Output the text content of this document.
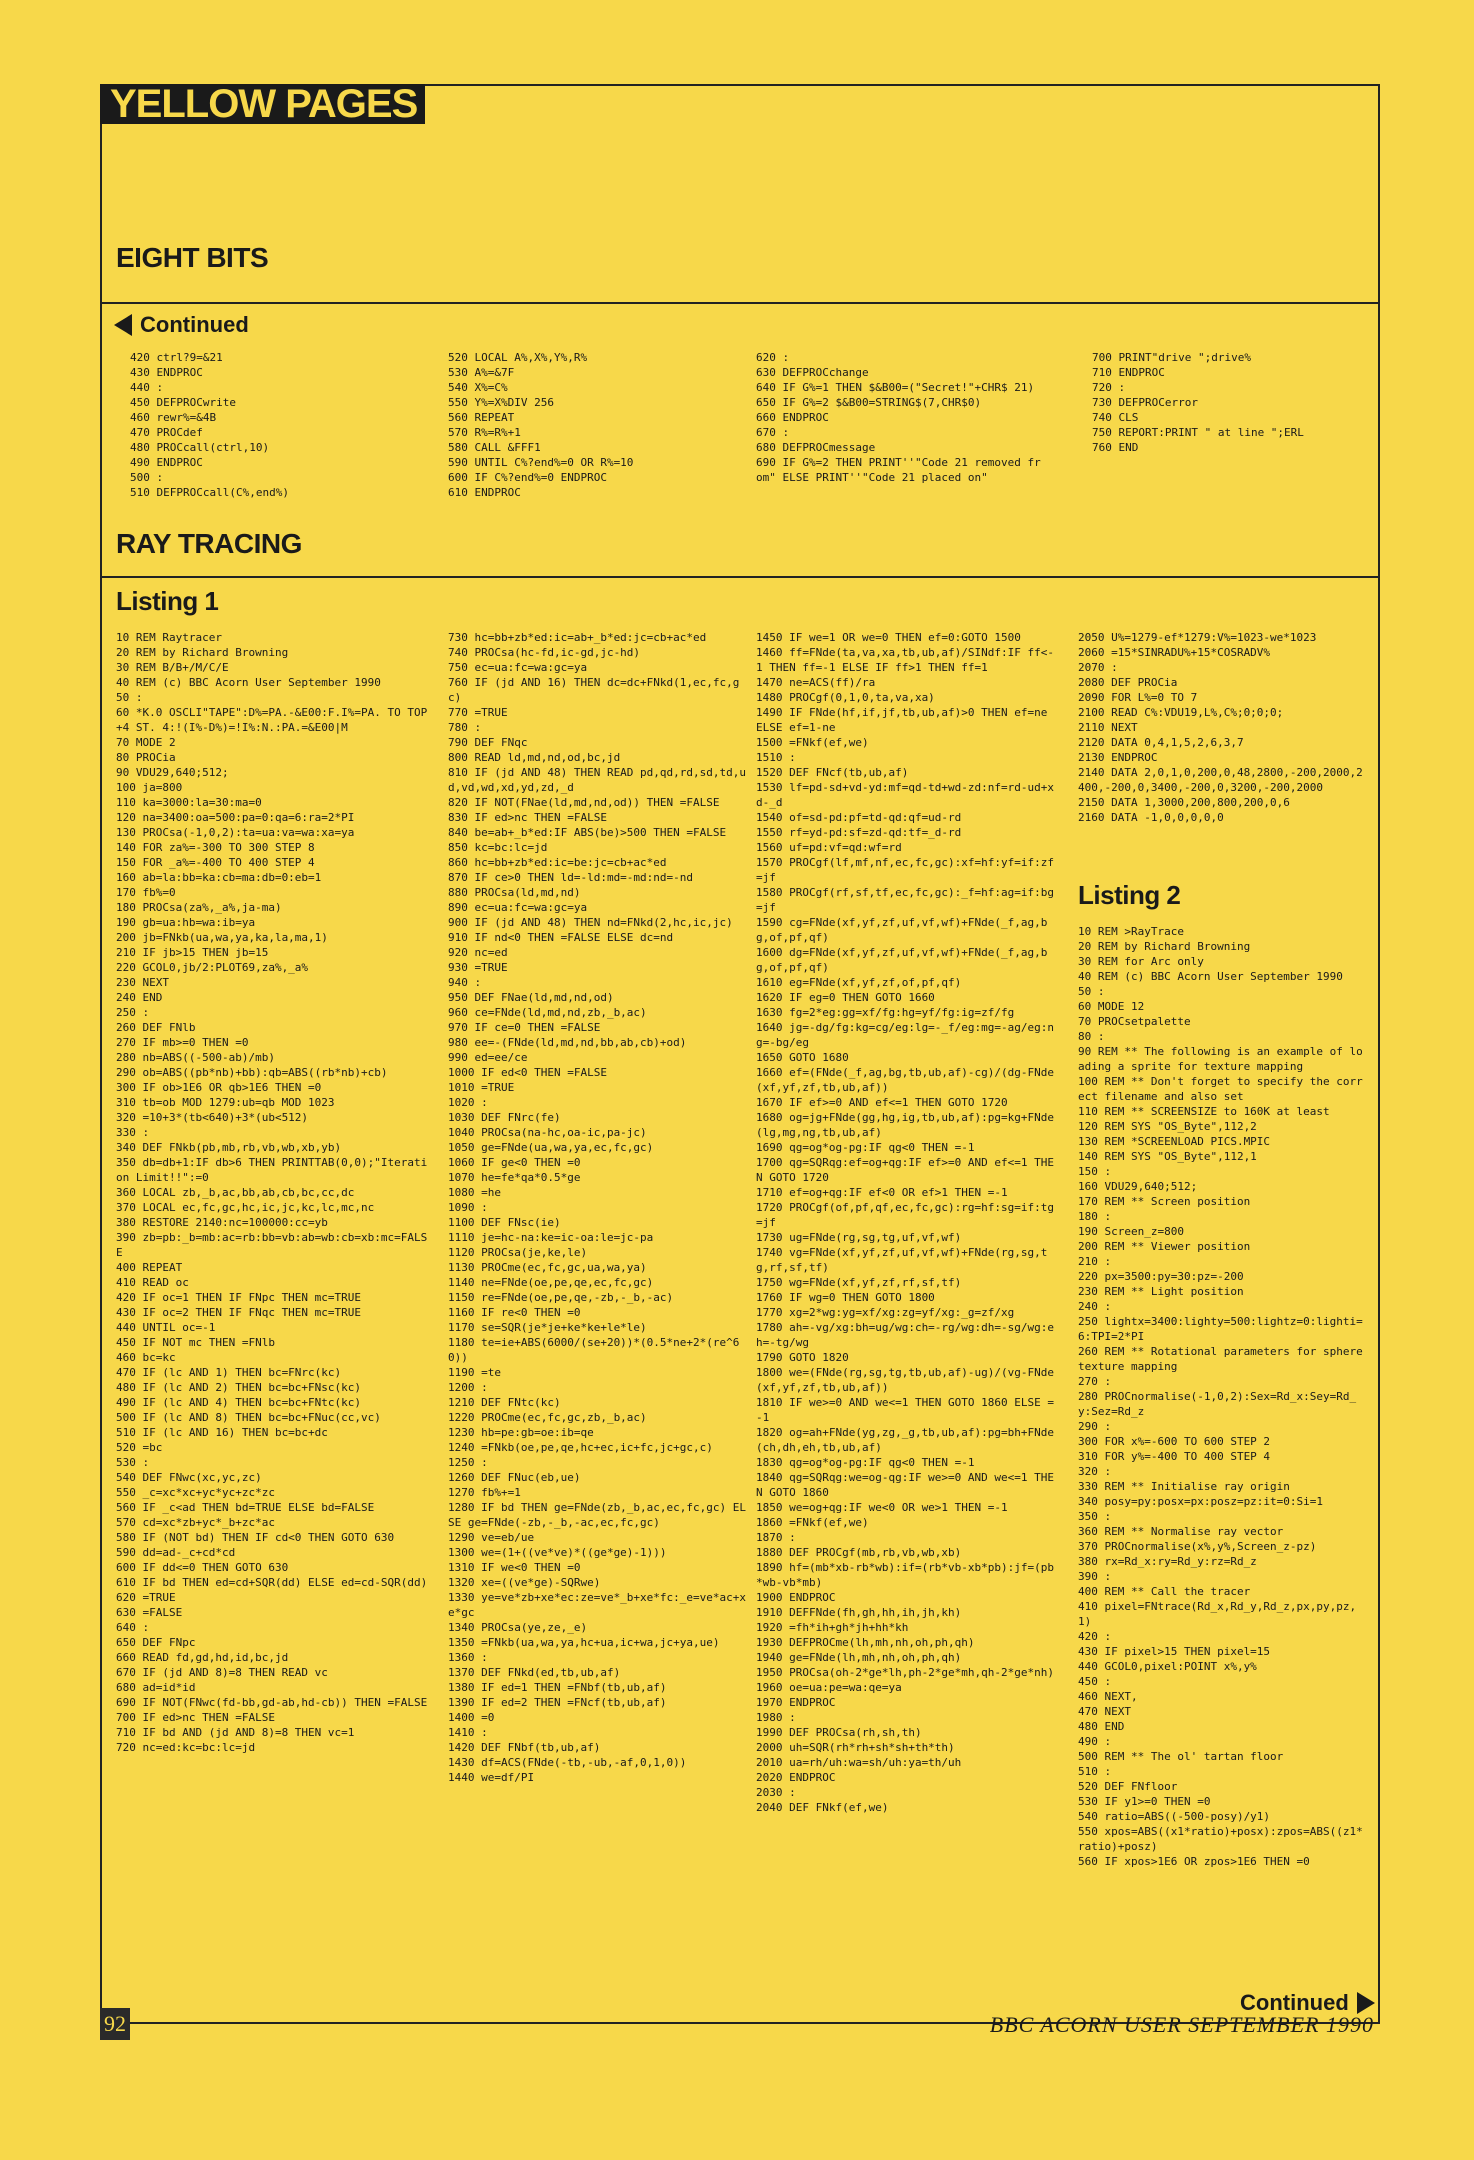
YELLOW PAGES
EIGHT BITS
Continued
420 ctrl?9=&21
430 ENDPROC
440 :
450 DEFPROCwrite
460 rewr%=&4B
470 PROCdef
480 PROCcall(ctrl,10)
490 ENDPROC
500 :
510 DEFPROCcall(C%,end%)
520 LOCAL A%,X%,Y%,R%
530 A%=&7F
540 X%=C%
550 Y%=X%DIV 256
560 REPEAT
570 R%=R%+1
580 CALL &FFF1
590 UNTIL C%?end%=0 OR R%=10
600 IF C%?end%=0 ENDPROC
610 ENDPROC
620 :
630 DEFPROCchange
640 IF G%=1 THEN $&B00=("Secret!"+CHR$ 21)
650 IF G%=2 $&B00=STRING$(7,CHR$0)
660 ENDPROC
670 :
680 DEFPROCmessage
690 IF G%=2 THEN PRINT''"Code 21 removed from" ELSE PRINT''"Code 21 placed on"
700 PRINT"drive ";drive%
710 ENDPROC
720 :
730 DEFPROCerror
740 CLS
750 REPORT:PRINT " at line ";ERL
760 END
RAY TRACING
Listing 1
10 REM Raytracer
20 REM by Richard Browning
30 REM B/B+/M/C/E
40 REM (c) BBC Acorn User September 1990
50 :
60 *K.0 OSCLI"TAPE":D%=PA.-&E00:F.I%=PA. TO TOP+4 ST. 4:!(I%-D%)=!I%:N.:PA.=&E00|M
70 MODE 2
80 PROCia
90 VDU29,640;512;
100 ja=800
110 ka=3000:la=30:ma=0
120 na=3400:oa=500:pa=0:qa=6:ra=2*PI
130 PROCsa(-1,0,2):ta=ua:va=wa:xa=ya
140 FOR za%=-300 TO 300 STEP 8
150 FOR _a%=-400 TO 400 STEP 4
160 ab=la:bb=ka:cb=ma:db=0:eb=1
170 fb%=0
180 PROCsa(za%,_a%,ja-ma)
190 gb=ua:hb=wa:ib=ya
200 jb=FNkb(ua,wa,ya,ka,la,ma,1)
210 IF jb>15 THEN jb=15
220 GCOL0,jb/2:PLOT69,za%,_a%
230 NEXT
240 END
250 :
260 DEF FNlb
270 IF mb>=0 THEN =0
280 nb=ABS((-500-ab)/mb)
290 ob=ABS((pb*nb)+bb):qb=ABS((rb*nb)+cb)
300 IF ob>1E6 OR qb>1E6 THEN =0
310 tb=ob MOD 1279:ub=qb MOD 1023
320 =10+3*(tb<640)+3*(ub<512)
330 :
340 DEF FNkb(pb,mb,rb,vb,wb,xb,yb)
350 db=db+1:IF db>6 THEN PRINTTAB(0,0);"Iteration Limit!!":=0
360 LOCAL zb,_b,ac,bb,ab,cb,bc,cc,dc
370 LOCAL ec,fc,gc,hc,ic,jc,kc,lc,mc,nc
380 RESTORE 2140:nc=100000:cc=yb
390 zb=pb:_b=mb:ac=rb:bb=vb:ab=wb:cb=xb:mc=FALSE
400 REPEAT
410 READ oc
420 IF oc=1 THEN IF FNpc THEN mc=TRUE
430 IF oc=2 THEN IF FNqc THEN mc=TRUE
440 UNTIL oc=-1
450 IF NOT mc THEN =FNlb
460 bc=kc
470 IF (lc AND 1) THEN bc=FNrc(kc)
480 IF (lc AND 2) THEN bc=bc+FNsc(kc)
490 IF (lc AND 4) THEN bc=bc+FNtc(kc)
500 IF (lc AND 8) THEN bc=bc+FNuc(cc,vc)
510 IF (lc AND 16) THEN bc=bc+dc
520 =bc
530 :
540 DEF FNwc(xc,yc,zc)
550 _c=xc*xc+yc*yc+zc*zc
560 IF _c<ad THEN bd=TRUE ELSE bd=FALSE
570 cd=xc*zb+yc*_b+zc*ac
580 IF (NOT bd) THEN IF cd<0 THEN GOTO 630
590 dd=ad-_c+cd*cd
600 IF dd<=0 THEN GOTO 630
610 IF bd THEN ed=cd+SQR(dd) ELSE ed=cd-SQR(dd)
620 =TRUE
630 =FALSE
640 :
650 DEF FNpc
660 READ fd,gd,hd,id,bc,jd
670 IF (jd AND 8)=8 THEN READ vc
680 ad=id*id
690 IF NOT(FNwc(fd-bb,gd-ab,hd-cb)) THEN =FALSE
700 IF ed>nc THEN =FALSE
710 IF bd AND (jd AND 8)=8 THEN vc=1
720 nc=ed:kc=bc:lc=jd
730 hc=bb+zb*ed:ic=ab+_b*ed:jc=cb+ac*ed
740 PROCsa(hc-fd,ic-gd,jc-hd)
750 ec=ua:fc=wa:gc=ya
760 IF (jd AND 16) THEN dc=dc+FNkd(1,ec,fc,gc)
770 =TRUE
780 :
790 DEF FNqc
800 READ ld,md,nd,od,bc,jd
810 IF (jd AND 48) THEN READ pd,qd,rd,sd,td,ud,vd,wd,xd,yd,zd,_d
820 IF NOT(FNae(ld,md,nd,od)) THEN =FALSE
830 IF ed>nc THEN =FALSE
840 be=ab+_b*ed:IF ABS(be)>500 THEN =FALSE
850 kc=bc:lc=jd
860 hc=bb+zb*ed:ic=be:jc=cb+ac*ed
870 IF ce>0 THEN ld=-ld:md=-md:nd=-nd
880 PROCsa(ld,md,nd)
890 ec=ua:fc=wa:gc=ya
900 IF (jd AND 48) THEN nd=FNkd(2,hc,ic,jc)
910 IF nd<0 THEN =FALSE ELSE dc=nd
920 nc=ed
930 =TRUE
940 :
950 DEF FNae(ld,md,nd,od)
960 ce=FNde(ld,md,nd,zb,_b,ac)
970 IF ce=0 THEN =FALSE
980 ee=-(FNde(ld,md,nd,bb,ab,cb)+od)
990 ed=ee/ce
1000 IF ed<0 THEN =FALSE
1010 =TRUE
1020 :
1030 DEF FNrc(fe)
1040 PROCsa(na-hc,oa-ic,pa-jc)
1050 ge=FNde(ua,wa,ya,ec,fc,gc)
1060 IF ge<0 THEN =0
1070 he=fe*qa*0.5*ge
1080 =he
1090 :
1100 DEF FNsc(ie)
1110 je=hc-na:ke=ic-oa:le=jc-pa
1120 PROCsa(je,ke,le)
1130 PROCme(ec,fc,gc,ua,wa,ya)
1140 ne=FNde(oe,pe,qe,ec,fc,gc)
1150 re=FNde(oe,pe,qe,-zb,-_b,-ac)
1160 IF re<0 THEN =0
1170 se=SQR(je*je+ke*ke+le*le)
1180 te=ie+ABS(6000/(se+20))*(0.5*ne+2*(re^60))
1190 =te
1200 :
1210 DEF FNtc(kc)
1220 PROCme(ec,fc,gc,zb,_b,ac)
1230 hb=pe:gb=oe:ib=qe
1240 =FNkb(oe,pe,qe,hc+ec,ic+fc,jc+gc,c)
1250 :
1260 DEF FNuc(eb,ue)
1270 fb%+=1
1280 IF bd THEN ge=FNde(zb,_b,ac,ec,fc,gc) ELSE ge=FNde(-zb,-_b,-ac,ec,fc,gc)
1290 ve=eb/ue
1300 we=(1+((ve*ve)*((ge*ge)-1)))
1310 IF we<0 THEN =0
1320 xe=((ve*ge)-SQRwe)
1330 ye=ve*zb+xe*ec:ze=ve*_b+xe*fc:_e=ve*ac+xe*gc
1340 PROCsa(ye,ze,_e)
1350 =FNkb(ua,wa,ya,hc+ua,ic+wa,jc+ya,ue)
1360 :
1370 DEF FNkd(ed,tb,ub,af)
1380 IF ed=1 THEN =FNbf(tb,ub,af)
1390 IF ed=2 THEN =FNcf(tb,ub,af)
1400 =0
1410 :
1420 DEF FNbf(tb,ub,af)
1430 df=ACS(FNde(-tb,-ub,-af,0,1,0))
1440 we=df/PI
1450 IF we=1 OR we=0 THEN ef=0:GOTO 1500
1460 ff=FNde(ta,va,xa,tb,ub,af)/SINdf:IF ff<-1 THEN ff=-1 ELSE IF ff>1 THEN ff=1
1470 ne=ACS(ff)/ra
1480 PROCgf(0,1,0,ta,va,xa)
1490 IF FNde(hf,if,jf,tb,ub,af)>0 THEN ef=ne ELSE ef=1-ne
1500 =FNkf(ef,we)
1510 :
1520 DEF FNcf(tb,ub,af)
1530 lf=pd-sd+vd-yd:mf=qd-td+wd-zd:nf=rd-ud+xd-_d
1540 of=sd-pd:pf=td-qd:qf=ud-rd
1550 rf=yd-pd:sf=zd-qd:tf=_d-rd
1560 uf=pd:vf=qd:wf=rd
1570 PROCgf(lf,mf,nf,ec,fc,gc):xf=hf:yf=if:zf=jf
1580 PROCgf(rf,sf,tf,ec,fc,gc):_f=hf:ag=if:bg=jf
1590 cg=FNde(xf,yf,zf,uf,vf,wf)+FNde(_f,ag,bg,of,pf,qf)
1600 dg=FNde(xf,yf,zf,uf,vf,wf)+FNde(_f,ag,bg,of,pf,qf)
1610 eg=FNde(xf,yf,zf,of,pf,qf)
1620 IF eg=0 THEN GOTO 1660
1630 fg=2*eg:gg=xf/fg:hg=yf/fg:ig=zf/fg
1640 jg=-dg/fg:kg=cg/eg:lg=-_f/eg:mg=-ag/eg:ng=-bg/eg
1650 GOTO 1680
1660 ef=(FNde(_f,ag,bg,tb,ub,af)-cg)/(dg-FNde(xf,yf,zf,tb,ub,af))
1670 IF ef>=0 AND ef<=1 THEN GOTO 1720
1680 og=jg+FNde(gg,hg,ig,tb,ub,af):pg=kg+FNde(lg,mg,ng,tb,ub,af)
1690 qg=og*og-pg:IF qg<0 THEN =-1
1700 qg=SQRqg:ef=og+qg:IF ef>=0 AND ef<=1 THEN GOTO 1720
1710 ef=og+qg:IF ef<0 OR ef>1 THEN =-1
1720 PROCgf(of,pf,qf,ec,fc,gc):rg=hf:sg=if:tg=jf
1730 ug=FNde(rg,sg,tg,uf,vf,wf)
1740 vg=FNde(xf,yf,zf,uf,vf,wf)+FNde(rg,sg,tg,rf,sf,tf)
1750 wg=FNde(xf,yf,zf,rf,sf,tf)
1760 IF wg=0 THEN GOTO 1800
1770 xg=2*wg:yg=xf/xg:zg=yf/xg:_g=zf/xg
1780 ah=-vg/xg:bh=ug/wg:ch=-rg/wg:dh=-sg/wg:eh=-tg/wg
1790 GOTO 1820
1800 we=(FNde(rg,sg,tg,tb,ub,af)-ug)/(vg-FNde(xf,yf,zf,tb,ub,af))
1810 IF we>=0 AND we<=1 THEN GOTO 1860 ELSE =-1
1820 og=ah+FNde(yg,zg,_g,tb,ub,af):pg=bh+FNde(ch,dh,eh,tb,ub,af)
1830 qg=og*og-pg:IF qg<0 THEN =-1
1840 qg=SQRqg:we=og-qg:IF we>=0 AND we<=1 THEN GOTO 1860
1850 we=og+qg:IF we<0 OR we>1 THEN =-1
1860 =FNkf(ef,we)
1870 :
1880 DEF PROCgf(mb,rb,vb,wb,xb)
1890 hf=(mb*xb-rb*wb):if=(rb*vb-xb*pb):jf=(pb*wb-vb*mb)
1900 ENDPROC
1910 DEFFNde(fh,gh,hh,ih,jh,kh)
1920 =fh*ih+gh*jh+hh*kh
1930 DEFPROCme(lh,mh,nh,oh,ph,qh)
1940 ge=FNde(lh,mh,nh,oh,ph,qh)
1950 PROCsa(oh-2*ge*lh,ph-2*ge*mh,qh-2*ge*nh)
1960 oe=ua:pe=wa:qe=ya
1970 ENDPROC
1980 :
1990 DEF PROCsa(rh,sh,th)
2000 uh=SQR(rh*rh+sh*sh+th*th)
2010 ua=rh/uh:wa=sh/uh:ya=th/uh
2020 ENDPROC
2030 :
2040 DEF FNkf(ef,we)
2050 U%=1279-ef*1279:V%=1023-we*1023
2060 =15*SINRADU%+15*COSRADV%
2070 :
2080 DEF PROCia
2090 FOR L%=0 TO 7
2100 READ C%:VDU19,L%,C%;0;0;0;
2110 NEXT
2120 DATA 0,4,1,5,2,6,3,7
2130 ENDPROC
2140 DATA 2,0,1,0,200,0,48,2800,-200,2000,2400,-200,0,3400,-200,0,3200,-200,2000
2150 DATA 1,3000,200,800,200,0,6
2160 DATA -1,0,0,0,0,0
Listing 2
10 REM >RayTrace
20 REM by Richard Browning
30 REM for Arc only
40 REM (c) BBC Acorn User September 1990
50 :
60 MODE 12
70 PROCsetpalette
80 :
90 REM ** The following is an example of loading a sprite for texture mapping
100 REM ** Don't forget to specify the correct filename and also set
110 REM ** SCREENSIZE to 160K at least
120 REM SYS "OS_Byte",112,2
130 REM *SCREENLOAD PICS.MPIC
140 REM SYS "OS_Byte",112,1
150 :
160 VDU29,640;512;
170 REM ** Screen position
180 :
190 Screen_z=800
200 REM ** Viewer position
210 :
220 px=3500:py=30:pz=-200
230 REM ** Light position
240 :
250 lightx=3400:lighty=500:lightz=0:lighti=6:TPI=2*PI
260 REM ** Rotational parameters for sphere texture mapping
270 :
280 PROCnormalise(-1,0,2):Sex=Rd_x:Sey=Rd_y:Sez=Rd_z
290 :
300 FOR x%=-600 TO 600 STEP 2
310 FOR y%=-400 TO 400 STEP 4
320 :
330 REM ** Initialise ray origin
340 posy=py:posx=px:posz=pz:it=0:Si=1
350 :
360 REM ** Normalise ray vector
370 PROCnormalise(x%,y%,Screen_z-pz)
380 rx=Rd_x:ry=Rd_y:rz=Rd_z
390 :
400 REM ** Call the tracer
410 pixel=FNtrace(Rd_x,Rd_y,Rd_z,px,py,pz,1)
420 :
430 IF pixel>15 THEN pixel=15
440 GCOL0,pixel:POINT x%,y%
450 :
460 NEXT,
470 NEXT
480 END
490 :
500 REM ** The ol' tartan floor
510 :
520 DEF FNfloor
530 IF y1>=0 THEN =0
540 ratio=ABS((-500-posy)/y1)
550 xpos=ABS((x1*ratio)+posx):zpos=ABS((z1*ratio)+posz)
560 IF xpos>1E6 OR zpos>1E6 THEN =0
Continued
92	BBC ACORN USER SEPTEMBER 1990
